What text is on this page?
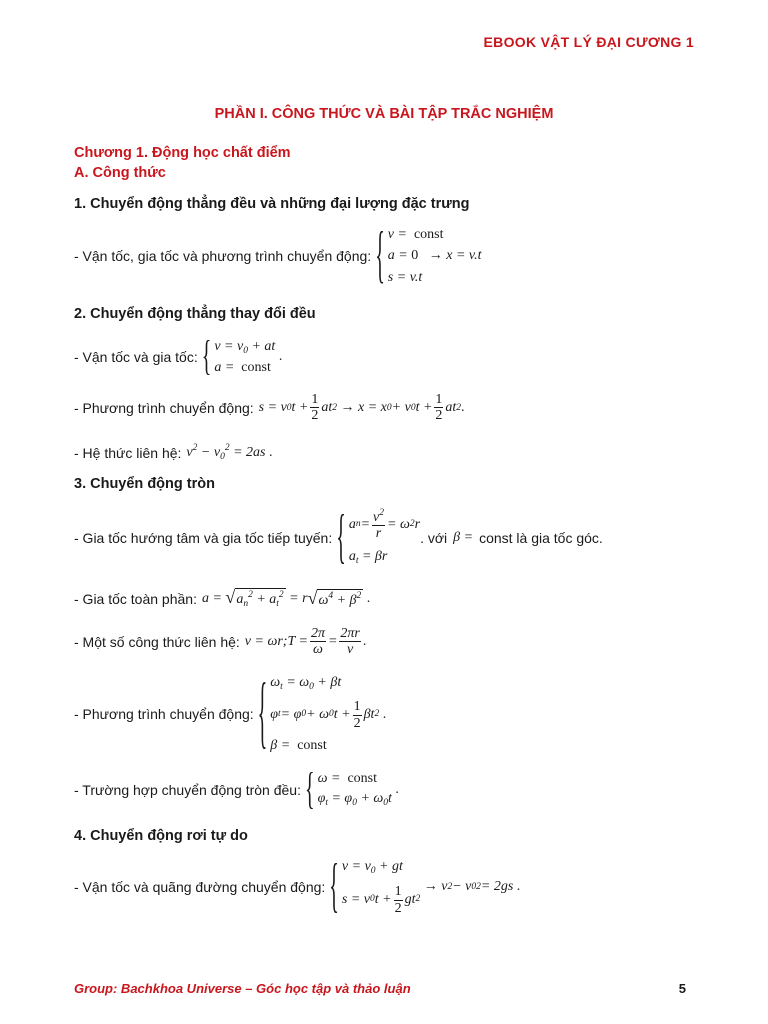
EBOOK VẬT LÝ ĐẠI CƯƠNG 1
PHẦN I. CÔNG THỨC VÀ BÀI TẬP TRẮC NGHIỆM
Chương 1. Động học chất điểm
A. Công thức
1. Chuyển động thẳng đều và những đại lượng đặc trưng
- Vận tốc, gia tốc và phương trình chuyển động: { v =  const
a = 0 → x = v.t
s = v.t
2. Chuyển động thẳng thay đổi đều
- Vận tốc và gia tốc: { $v = v_0$ + at
a =  const
.
- Phương trình chuyển động: s = v 0 $t + \frac{1}{2}$ at 2 → x = x 0 + v 0 $t + \frac{1}{2}$ at 2 .
- Hệ thức liên hệ: $v^2 - v_0^2 = 2as$ .
3. Chuyển động tròn
- Gia tốc hướng tâm và gia tốc tiếp tuyến: { a $n = \frac{v^2}{r} = \omega$ 2 r
$a_t = \beta r$
. với β = const là gia tốc góc.
- Gia tốc toàn phần: a = √ $a_n^2 + a_t^2 = r$ √ $\omega^4 + \beta^2$ .
- Một số công thức liên hệ: v = ωr;T = $\frac{2\pi}{\omega} = \frac{2\pi r}{v}$ .
- Phương trình chuyển động: { $\omega_t = \omega_0 + \beta t$
φ t = φ 0 + ω 0 $t + \frac{1}{2}$ βt 2 .
β =  const
- Trường hợp chuyển động tròn đều: { ω =  const
$\varphi_t = \varphi_0 + \omega_0t$
.
4. Chuyển động rơi tự do
- Vận tốc và quãng đường chuyển động: { $v = v_0$ + gt
s = v 0 $t + \frac{1}{2}$ gt 2
→ v 2 − v 0 2 = 2gs .
Group: Bachkhoa Universe – Góc học tập và thảo luận	5
